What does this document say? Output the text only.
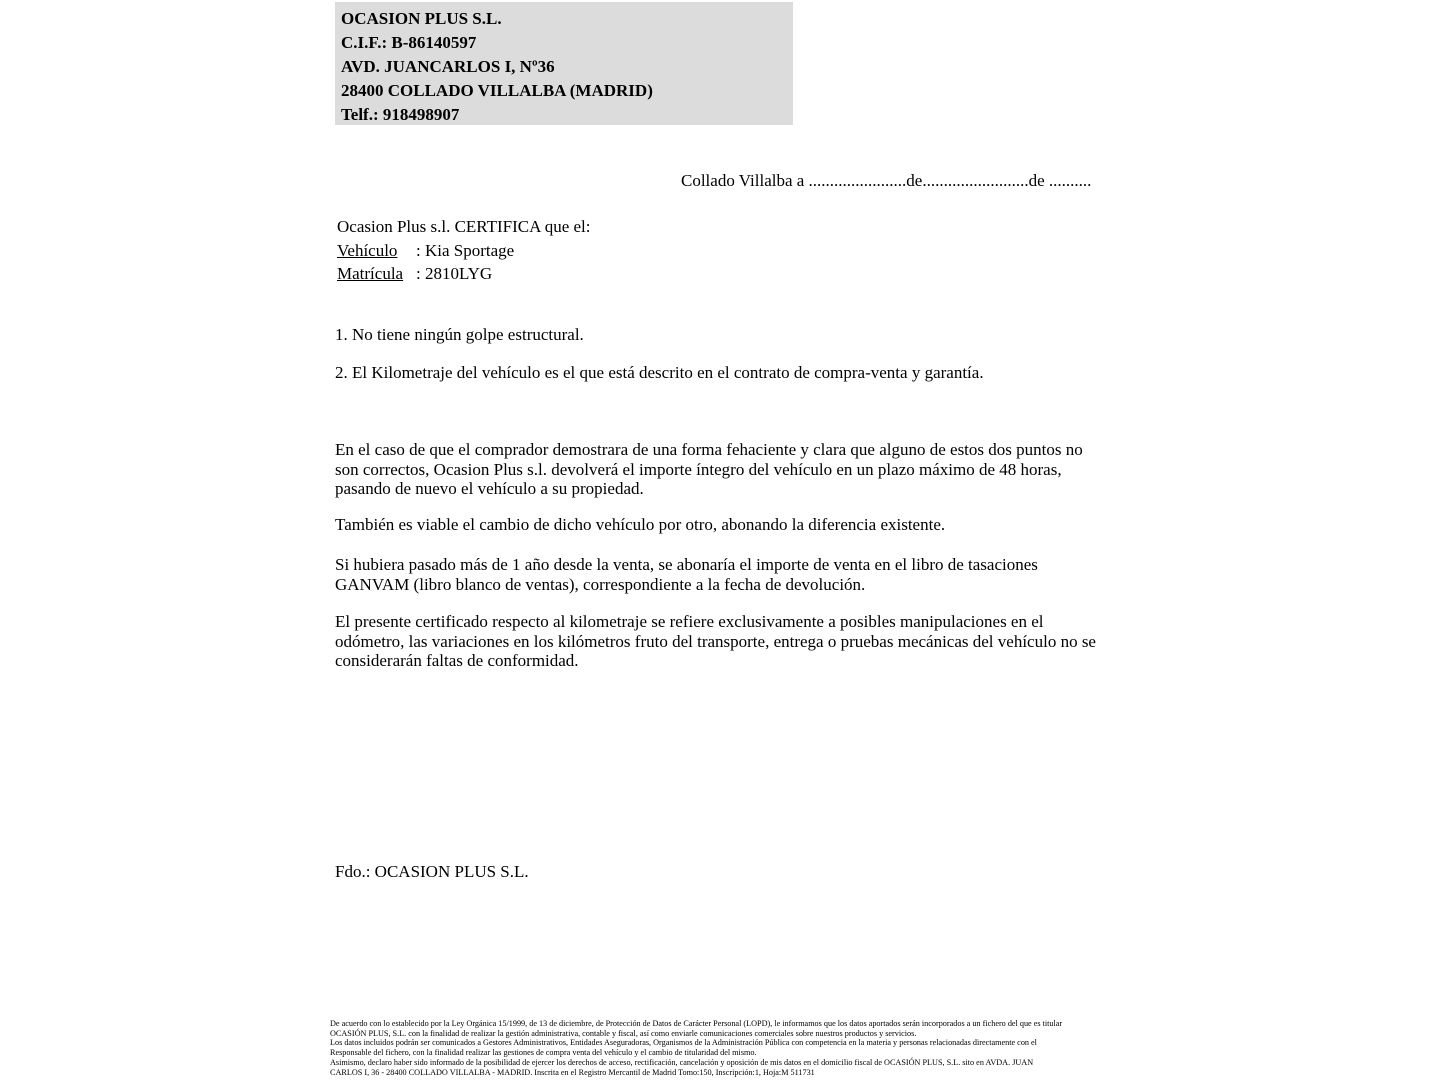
OCASION PLUS S.L.
C.I.F.: B-86140597
AVD. JUANCARLOS I, Nº36
28400 COLLADO VILLALBA (MADRID)
Telf.: 918498907
Collado Villalba a .......................de.........................de ..........
Ocasion Plus s.l. CERTIFICA que el:
Vehículo : Kia Sportage
Matrícula : 2810LYG
1. No tiene ningún golpe estructural.
2. El Kilometraje del vehículo es el que está descrito en el contrato de compra-venta y garantía.
En el caso de que el comprador demostrara de una forma fehaciente y clara que alguno de estos dos puntos no son correctos, Ocasion Plus s.l. devolverá el importe íntegro del vehículo en un plazo máximo de 48 horas, pasando de nuevo el vehículo a su propiedad.
También es viable el cambio de dicho vehículo por otro, abonando la diferencia existente.
Si hubiera pasado más de 1 año desde la venta, se abonaría el importe de venta en el libro de tasaciones GANVAM (libro blanco de ventas), correspondiente a la fecha de devolución.
El presente certificado respecto al kilometraje se refiere exclusivamente a posibles manipulaciones en el odómetro, las variaciones en los kilómetros fruto del transporte, entrega o pruebas mecánicas del vehículo no se considerarán faltas de conformidad.
Fdo.: OCASION PLUS S.L.
De acuerdo con lo establecido por la Ley Orgánica 15/1999, de 13 de diciembre, de Protección de Datos de Carácter Personal (LOPD), le informamos que los datos aportados serán incorporados a un fichero del que es titular
OCASIÓN PLUS, S.L. con la finalidad de realizar la gestión administrativa, contable y fiscal, así como enviarle comunicaciones comerciales sobre nuestros productos y servicios.
Los datos incluidos podrán ser comunicados a Gestores Administrativos, Entidades Aseguradoras, Organismos de la Administración Pública con competencia en la materia y personas relacionadas directamente con el
Responsable del fichero, con la finalidad realizar las gestiones de compra venta del vehículo y el cambio de titularidad del mismo.
Asimismo, declaro haber sido informado de la posibilidad de ejercer los derechos de acceso, rectificación, cancelación y oposición de mis datos en el domicilio fiscal de OCASIÓN PLUS, S.L. sito en AVDA. JUAN
CARLOS I, 36 - 28400 COLLADO VILLALBA - MADRID. Inscrita en el Registro Mercantil de Madrid Tomo:150, Inscripción:1, Hoja:M 511731
